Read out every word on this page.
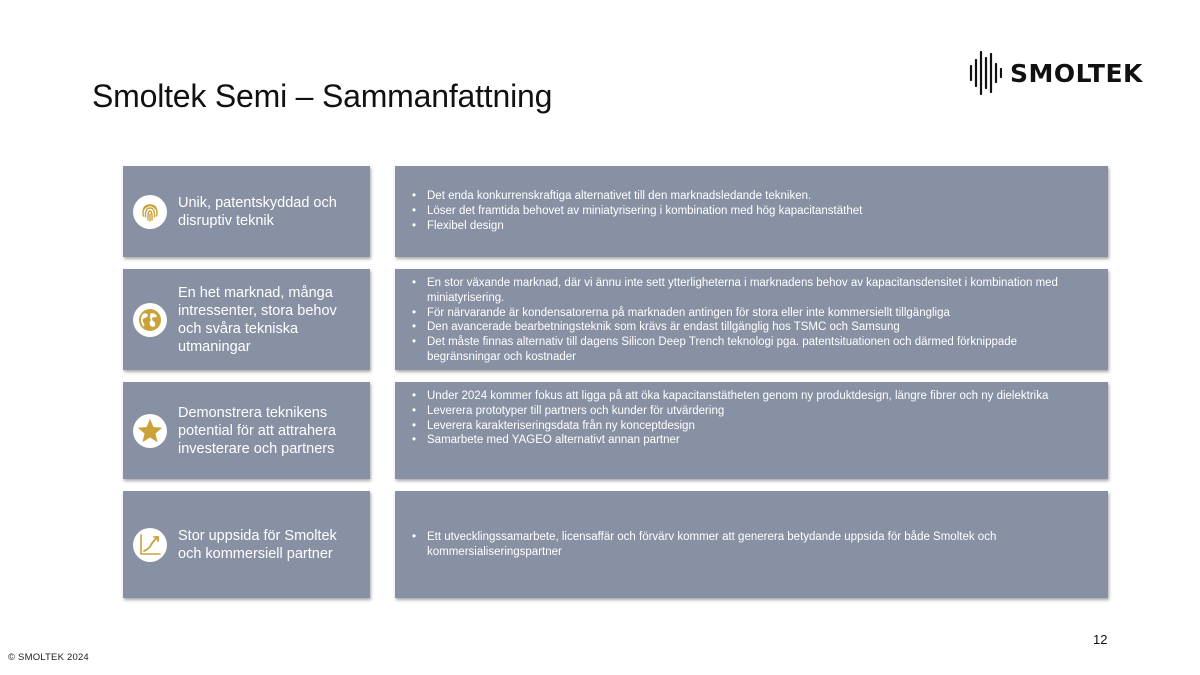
Smoltek Semi – Sammanfattning
SMOLTEK
Unik, patentskyddad och disruptiv teknik
• Det enda konkurrenskraftiga alternativet till den marknadsledande tekniken.
• Löser det framtida behovet av miniatyrisering i kombination med hög kapacitanstäthet
• Flexibel design
En het marknad, många intressenter, stora behov och svåra tekniska utmaningar
• En stor växande marknad, där vi ännu inte sett ytterligheterna i marknadens behov av kapacitansdensitet i kombination med miniatyrisering.
• För närvarande är kondensatorerna på marknaden antingen för stora eller inte kommersiellt tillgängliga
• Den avancerade bearbetningsteknik som krävs är endast tillgänglig hos TSMC och Samsung
• Det måste finnas alternativ till dagens Silicon Deep Trench teknologi pga. patentsituationen och därmed förknippade begränsningar och kostnader
Demonstrera teknikens potential för att attrahera investerare och partners
• Under 2024 kommer fokus att ligga på att öka kapacitanstätheten genom ny produktdesign, längre fibrer och ny dielektrika
• Leverera prototyper till partners och kunder för utvärdering
• Leverera karakteriseringsdata från ny konceptdesign
• Samarbete med YAGEO alternativt annan partner
Stor uppsida för Smoltek och kommersiell partner
• Ett utvecklingssamarbete, licensaffär och förvärv kommer att generera betydande uppsida för både Smoltek och kommersialiseringspartner
12
© SMOLTEK 2024
